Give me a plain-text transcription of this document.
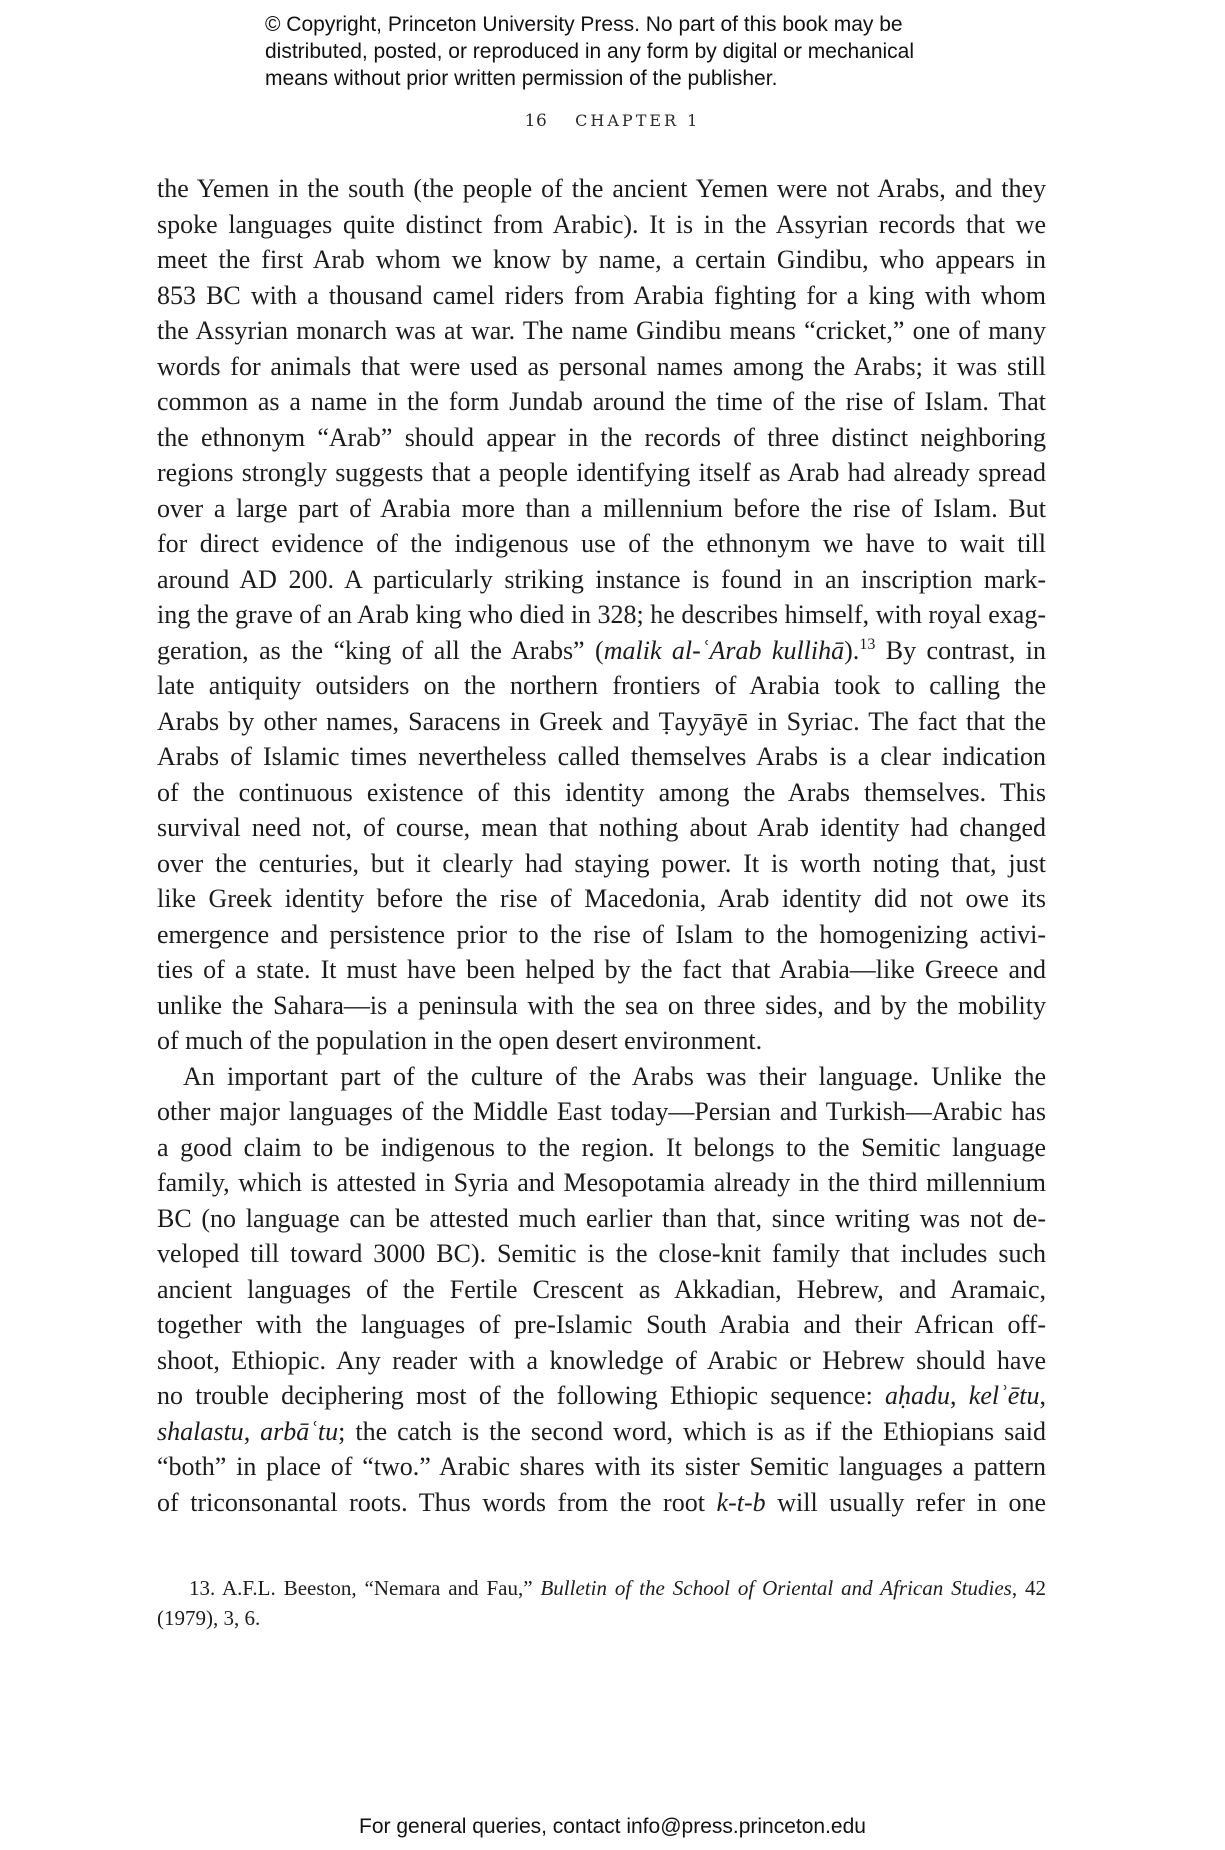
© Copyright, Princeton University Press. No part of this book may be
distributed, posted, or reproduced in any form by digital or mechanical
means without prior written permission of the publisher.
16 CHAPTER 1
the Yemen in the south (the people of the ancient Yemen were not Arabs, and they
spoke languages quite distinct from Arabic). It is in the Assyrian records that we
meet the first Arab whom we know by name, a certain Gindibu, who appears in
853 BC with a thousand camel riders from Arabia fighting for a king with whom
the Assyrian monarch was at war. The name Gindibu means “cricket,” one of many
words for animals that were used as personal names among the Arabs; it was still
common as a name in the form Jundab around the time of the rise of Islam. That
the ethnonym “Arab” should appear in the records of three distinct neighboring
regions strongly suggests that a people identifying itself as Arab had already spread
over a large part of Arabia more than a millennium before the rise of Islam. But
for direct evidence of the indigenous use of the ethnonym we have to wait till
around AD 200. A particularly striking instance is found in an inscription mark-
ing the grave of an Arab king who died in 328; he describes himself, with royal exag-
geration, as the “king of all the Arabs” (malik al-ʿArab kullihā).$^{13}$ By contrast, in
late antiquity outsiders on the northern frontiers of Arabia took to calling the
Arabs by other names, Saracens in Greek and Ṭayyāyē in Syriac. The fact that the
Arabs of Islamic times nevertheless called themselves Arabs is a clear indication
of the continuous existence of this identity among the Arabs themselves. This
survival need not, of course, mean that nothing about Arab identity had changed
over the centuries, but it clearly had staying power. It is worth noting that, just
like Greek identity before the rise of Macedonia, Arab identity did not owe its
emergence and persistence prior to the rise of Islam to the homogenizing activi-
ties of a state. It must have been helped by the fact that Arabia—like Greece and
unlike the Sahara—is a peninsula with the sea on three sides, and by the mobility
of much of the population in the open desert environment.
An important part of the culture of the Arabs was their language. Unlike the
other major languages of the Middle East today—Persian and Turkish—Arabic has
a good claim to be indigenous to the region. It belongs to the Semitic language
family, which is attested in Syria and Mesopotamia already in the third millennium
BC (no language can be attested much earlier than that, since writing was not de-
veloped till toward 3000 BC). Semitic is the close-knit family that includes such
ancient languages of the Fertile Crescent as Akkadian, Hebrew, and Aramaic,
together with the languages of pre-Islamic South Arabia and their African off-
shoot, Ethiopic. Any reader with a knowledge of Arabic or Hebrew should have
no trouble deciphering most of the following Ethiopic sequence: aḥadu, kelʾētu,
shalastu, arbāʿtu; the catch is the second word, which is as if the Ethiopians said
“both” in place of “two.” Arabic shares with its sister Semitic languages a pattern
of triconsonantal roots. Thus words from the root k-t-b will usually refer in one
13. A.F.L. Beeston, “Nemara and Fau,” Bulletin of the School of Oriental and African Studies, 42
(1979), 3, 6.
For general queries, contact info@press.princeton.edu
